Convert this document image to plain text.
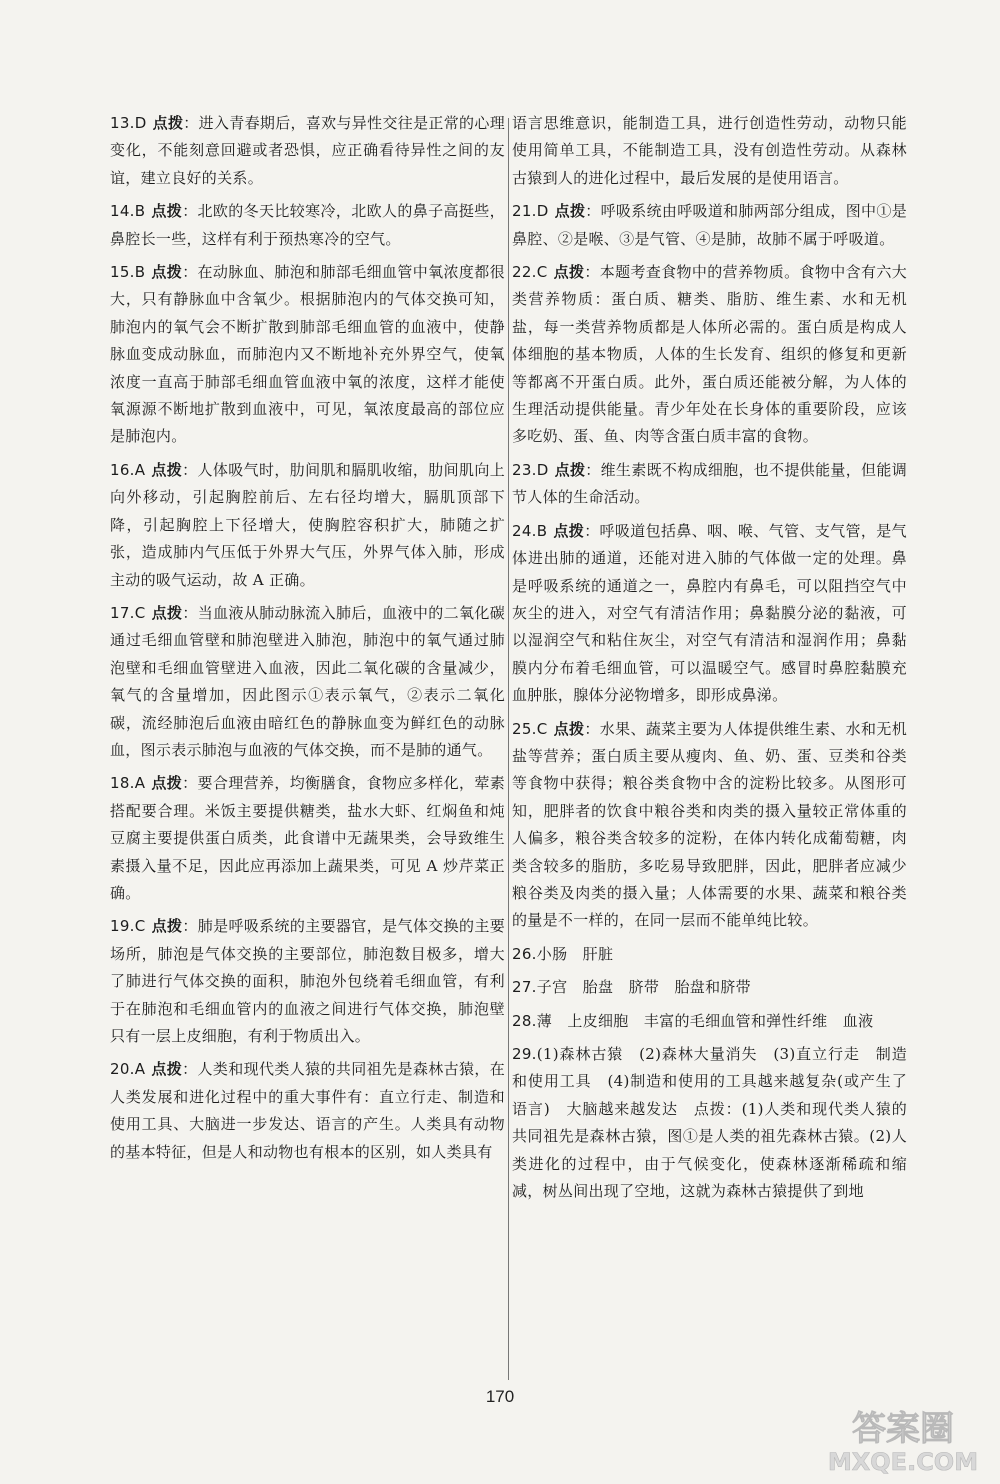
13.D 点拨：进入青春期后，喜欢与异性交往是正常的心理变化，不能刻意回避或者恐惧，应正确看待异性之间的友谊，建立良好的关系。

14.B 点拨：北欧的冬天比较寒冷，北欧人的鼻子高挺些，鼻腔长一些，这样有利于预热寒冷的空气。

15.B 点拨：在动脉血、肺泡和肺部毛细血管中氧浓度都很大，只有静脉血中含氧少。根据肺泡内的气体交换可知，肺泡内的氧气会不断扩散到肺部毛细血管的血液中，使静脉血变成动脉血，而肺泡内又不断地补充外界空气，使氧浓度一直高于肺部毛细血管血液中氧的浓度，这样才能使氧源源不断地扩散到血液中，可见，氧浓度最高的部位应是肺泡内。

16.A 点拨：人体吸气时，肋间肌和膈肌收缩，肋间肌向上向外移动，引起胸腔前后、左右径均增大，膈肌顶部下降，引起胸腔上下径增大，使胸腔容积扩大，肺随之扩张，造成肺内气压低于外界大气压，外界气体入肺，形成主动的吸气运动，故 A 正确。

17.C 点拨：当血液从肺动脉流入肺后，血液中的二氧化碳通过毛细血管壁和肺泡壁进入肺泡，肺泡中的氧气通过肺泡壁和毛细血管壁进入血液，因此二氧化碳的含量减少，氧气的含量增加，因此图示①表示氧气，②表示二氧化碳，流经肺泡后血液由暗红色的静脉血变为鲜红色的动脉血，图示表示肺泡与血液的气体交换，而不是肺的通气。

18.A 点拨：要合理营养，均衡膳食，食物应多样化，荤素搭配要合理。米饭主要提供糖类，盐水大虾、红焖鱼和炖豆腐主要提供蛋白质类，此食谱中无蔬果类，会导致维生素摄入量不足，因此应再添加上蔬果类，可见 A 炒芹菜正确。

19.C 点拨：肺是呼吸系统的主要器官，是气体交换的主要场所，肺泡是气体交换的主要部位，肺泡数目极多，增大了肺进行气体交换的面积，肺泡外包绕着毛细血管，有利于在肺泡和毛细血管内的血液之间进行气体交换，肺泡壁只有一层上皮细胞，有利于物质出入。

20.A 点拨：人类和现代类人猿的共同祖先是森林古猿，在人类发展和进化过程中的重大事件有：直立行走、制造和使用工具、大脑进一步发达、语言的产生。人类具有动物的基本特征，但是人和动物也有根本的区别，如人类具有

语言思维意识，能制造工具，进行创造性劳动，动物只能使用简单工具，不能制造工具，没有创造性劳动。从森林古猿到人的进化过程中，最后发展的是使用语言。

21.D 点拨：呼吸系统由呼吸道和肺两部分组成，图中①是鼻腔、②是喉、③是气管、④是肺，故肺不属于呼吸道。

22.C 点拨：本题考查食物中的营养物质。食物中含有六大类营养物质：蛋白质、糖类、脂肪、维生素、水和无机盐，每一类营养物质都是人体所必需的。蛋白质是构成人体细胞的基本物质，人体的生长发育、组织的修复和更新等都离不开蛋白质。此外，蛋白质还能被分解，为人体的生理活动提供能量。青少年处在长身体的重要阶段，应该多吃奶、蛋、鱼、肉等含蛋白质丰富的食物。

23.D 点拨：维生素既不构成细胞，也不提供能量，但能调节人体的生命活动。

24.B 点拨：呼吸道包括鼻、咽、喉、气管、支气管，是气体进出肺的通道，还能对进入肺的气体做一定的处理。鼻是呼吸系统的通道之一，鼻腔内有鼻毛，可以阻挡空气中灰尘的进入，对空气有清洁作用；鼻黏膜分泌的黏液，可以湿润空气和粘住灰尘，对空气有清洁和湿润作用；鼻黏膜内分布着毛细血管，可以温暖空气。感冒时鼻腔黏膜充血肿胀，腺体分泌物增多，即形成鼻涕。

25.C 点拨：水果、蔬菜主要为人体提供维生素、水和无机盐等营养；蛋白质主要从瘦肉、鱼、奶、蛋、豆类和谷类等食物中获得；粮谷类食物中含的淀粉比较多。从图形可知，肥胖者的饮食中粮谷类和肉类的摄入量较正常体重的人偏多，粮谷类含较多的淀粉，在体内转化成葡萄糖，肉类含较多的脂肪，多吃易导致肥胖，因此，肥胖者应减少粮谷类及肉类的摄入量；人体需要的水果、蔬菜和粮谷类的量是不一样的，在同一层而不能单纯比较。

26.小肠　肝脏

27.子宫　胎盘　脐带　胎盘和脐带

28.薄　上皮细胞　丰富的毛细血管和弹性纤维　血液

29.(1)森林古猿　(2)森林大量消失　(3)直立行走　制造和使用工具　(4)制造和使用的工具越来越复杂(或产生了语言)　大脑越来越发达　点拨：(1)人类和现代类人猿的共同祖先是森林古猿，图①是人类的祖先森林古猿。(2)人类进化的过程中，由于气候变化，使森林逐渐稀疏和缩减，树丛间出现了空地，这就为森林古猿提供了到地

170
答案圈
MXQE.COM
